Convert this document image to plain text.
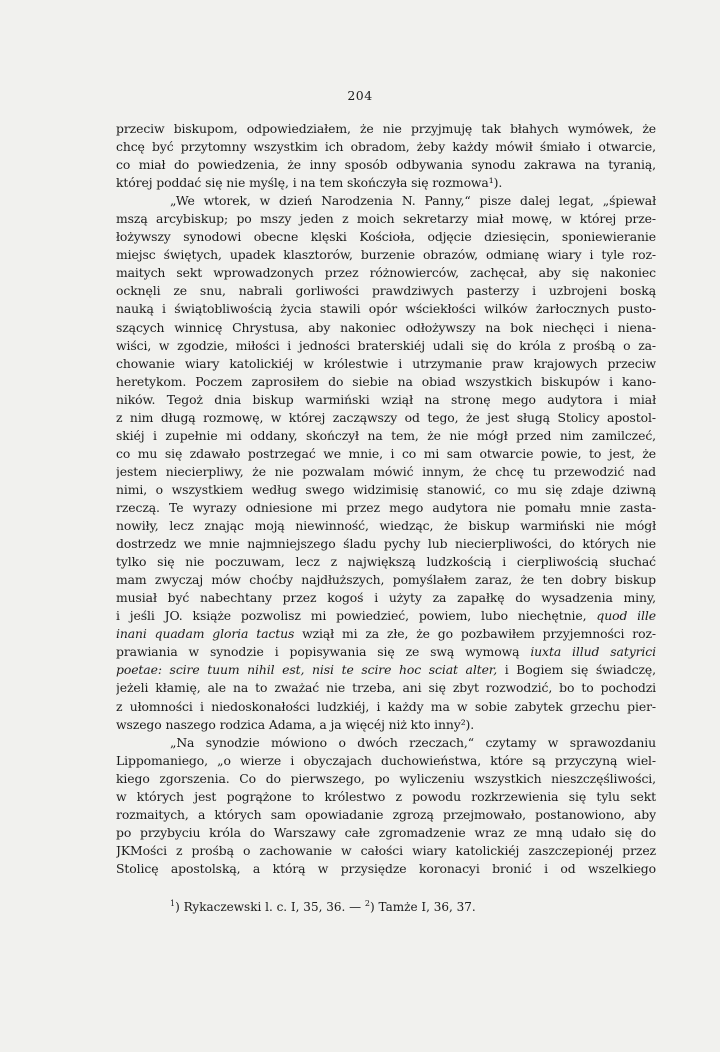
204
przeciw biskupom, odpowiedziałem, że nie przyjmuję tak błahych wymówek, że
chcę być przytomny wszystkim ich obradom, żeby każdy mówił śmiało i otwarcie,
co miał do powiedzenia, że inny sposób odbywania synodu zakrawa na tyranią,
której poddać się nie myślę, i na tem skończyła się rozmowa¹).
„We wtorek, w dzień Narodzenia N. Panny,“ pisze dalej legat, „śpiewał
mszą arcybiskup; po mszy jeden z moich sekretarzy miał mowę, w której prze-
łożywszy synodowi obecne klęski Kościoła, odjęcie dziesięcin, sponiewieranie
miejsc świętych, upadek klasztorów, burzenie obrazów, odmianę wiary i tyle roz-
maitych sekt wprowadzonych przez różnowierców, zachęcał, aby się nakoniec
ocknęli ze snu, nabrali gorliwości prawdziwych pasterzy i uzbrojeni boską
nauką i świątobliwością życia stawili opór wściekłości wilków żarłocznych pusto-
szących winnicę Chrystusa, aby nakoniec odłożywszy na bok niechęci i niena-
wiści, w zgodzie, miłości i jedności braterskiéj udali się do króla z prośbą o za-
chowanie wiary katolickiéj w królestwie i utrzymanie praw krajowych przeciw
heretykom. Poczem zaprosiłem do siebie na obiad wszystkich biskupów i kano-
ników. Tegoż dnia biskup warmiński wziął na stronę mego audytora i miał
z nim długą rozmowę, w której zacząwszy od tego, że jest sługą Stolicy apostol-
skiéj i zupełnie mi oddany, skończył na tem, że nie mógł przed nim zamilczeć,
co mu się zdawało postrzegać we mnie, i co mi sam otwarcie powie, to jest, że
jestem niecierpliwy, że nie pozwalam mówić innym, że chcę tu przewodzić nad
nimi, o wszystkiem według swego widzimisię stanowić, co mu się zdaje dziwną
rzeczą. Te wyrazy odniesione mi przez mego audytora nie pomału mnie zasta-
nowiły, lecz znając moją niewinność, wiedząc, że biskup warmiński nie mógł
dostrzedz we mnie najmniejszego śladu pychy lub niecierpliwości, do których nie
tylko się nie poczuwam, lecz z największą ludzkością i cierpliwością słuchać
mam zwyczaj mów choćby najdłuższych, pomyślałem zaraz, że ten dobry biskup
musiał być nabechtany przez kogoś i użyty za zapałkę do wysadzenia miny,
i jeśli JO. książe pozwolisz mi powiedzieć, powiem, lubo niechętnie, quod ille
inani quadam gloria tactus wziął mi za złe, że go pozbawiłem przyjemności roz-
prawiania w synodzie i popisywania się ze swą wymową iuxta illud satyrici
poetae: scire tuum nihil est, nisi te scire hoc sciat alter, i Bogiem się świadczę,
jeżeli kłamię, ale na to zważać nie trzeba, ani się zbyt rozwodzić, bo to pochodzi
z ułomności i niedoskonałości ludzkiéj, i każdy ma w sobie zabytek grzechu pier-
wszego naszego rodzica Adama, a ja więcéj niż kto inny²).
„Na synodzie mówiono o dwóch rzeczach,“ czytamy w sprawozdaniu
Lippomaniego, „o wierze i obyczajach duchowieństwa, które są przyczyną wiel-
kiego zgorszenia. Co do pierwszego, po wyliczeniu wszystkich nieszczęśliwości,
w których jest pogrążone to królestwo z powodu rozkrzewienia się tylu sekt
rozmaitych, a których sam opowiadanie zgrozą przejmowało, postanowiono, aby
po przybyciu króla do Warszawy całe zgromadzenie wraz ze mną udało się do
JKMości z prośbą o zachowanie w całości wiary katolickiéj zaszczepionéj przez
Stolicę apostolską, a którą w przysiędze koronacyi bronić i od wszelkiego
$^1$) Rykaczewski l. c. I, 35, 36. — $^2$) Tamże I, 36, 37.
